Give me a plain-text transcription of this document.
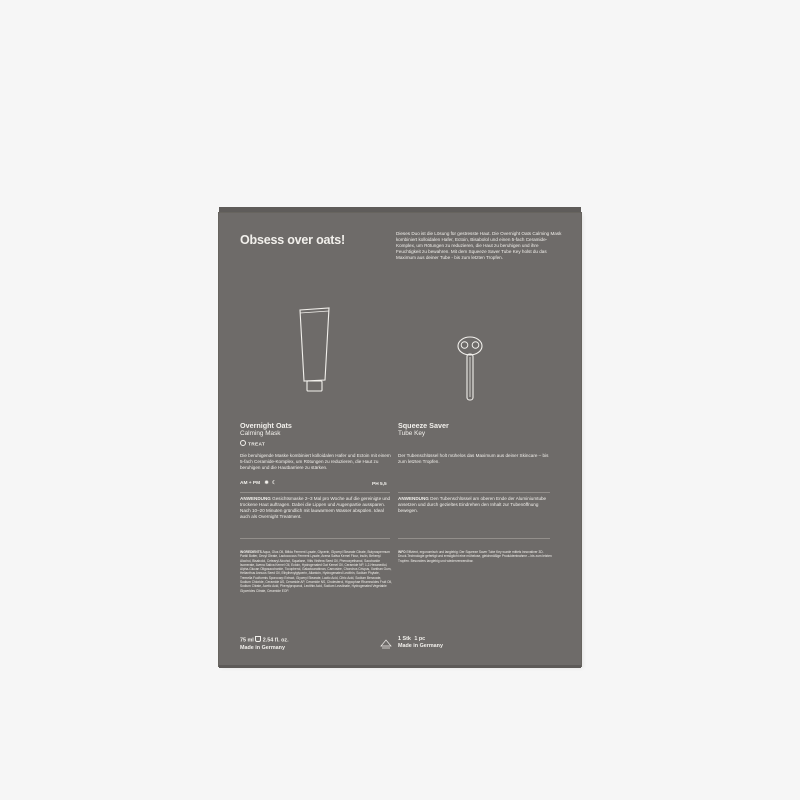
Obsess over oats!	Dieses Duo ist die Lösung für gestresste Haut. Die Overnight Oats Calming Mask kombiniert kolloidalen Hafer, Ectoin, Bisabolol und einen 5-fach Ceramide-Komplex, um Rötungen zu reduzieren, die Haut zu beruhigen und ihre Feuchtigkeit zu bewahren. Mit dem Squeeze Saver Tube Key holst du das Maximum aus deiner Tube - bis zum letzten Tropfen.

Overnight Oats
Calming Mask
TREAT

Die beruhigende Maske kombiniert kolloidalen Hafer und Ectoin mit einem 5-fach Ceramide-Komplex, um Rötungen zu reduzieren, die Haut zu beruhigen und die Hautbarriere zu stärken.

AM + PM ✹ ☾	PH 5,5

ANWENDUNG Gesichtsmaske 2–3 Mal pro Woche auf die gereinigte und trockene Haut auftragen. Dabei die Lippen und Augenpartie aussparen. Nach 10–20 Minuten gründlich mit lauwarmem Wasser abspülen. Ideal auch als Overnight Treatment.

INGREDIENTS Aqua, Olus Oil, Bifida Ferment Lysate, Glycerin, Glyceryl Stearate Citrate, Butyrospermum Parkii Butter, Decyl Oleate, Lactococcus Ferment Lysate, Avena Sativa Kernel Flour, Inulin, Behenyl Alcohol, Bisabolol, Cetearyl Alcohol, Squalane, Vitis Vinifera Seed Oil, Phenoxyethanol, Saccharide Isomerate, Avena Sativa Kernel Oil, Ectoin, Hydrogenated Oat Kernel Oil, Ceramide NP, 1,2-Hexanediol, Alpha-Glucan Oligosaccharide, Tocopherol, Galactoarabinan, Carnosine, Chondrus Crispus, Xanthan Gum, Helianthus Annuus Seed Oil, Ethylhexylglycerin, Allantoin, Hydrogenated Lecithin, Sodium Phytate, Tremella Fuciformis Sporocarp Extract, Glyceryl Stearate, Lactic Acid, Citric Acid, Sodium Benzoate, Sodium Chloride, Ceramide AS, Ceramide AP, Ceramide NS, Cholesterol, Hippophae Rhamnoides Fruit Oil, Sodium Citrate, Acetic Acid, Phenylpropanol, Lecithin Acid, Sodium Levulinate, Hydrogenated Vegetable Glycerides Citrate, Ceramide EOP.

75 ml 2.54 fl. oz.
Made in Germany
Squeeze Saver
Tube Key

Der Tubenschlüssel holt mühelos das Maximum aus deiner Skincare – bis zum letzten Tropfen.

ANWENDUNG Den Tubenschlüssel am oberen Ende der Aluminiumtube ansetzen und durch gezieltes Eindrehen den Inhalt zur Tubenöffnung bewegen.

INFO Effizient, ergonomisch und langlebig: Der Squeeze Saver Tube Key wurde mittels innovativer 3D-Druck-Technologie gefertigt und ermöglicht eine mühelose, gleichmäßige Produktentnahme – bis zum letzten Tropfen. Besonders langlebig und wiederverwendbar.

1 Stk 1 pc
Made in Germany
